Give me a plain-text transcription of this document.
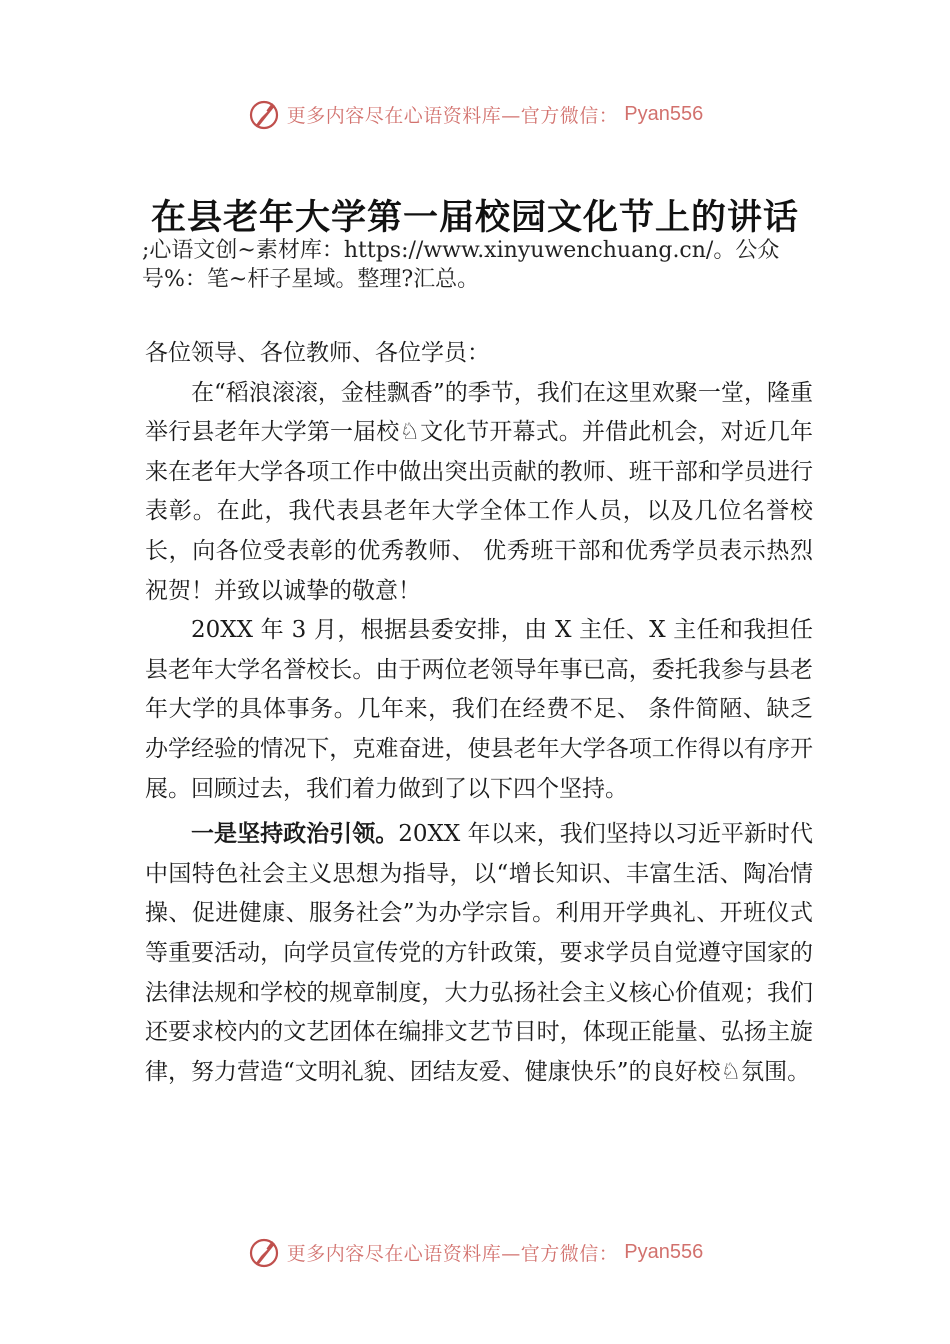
更多内容尽在心语资料库—官方微信： Pyan556
在县老年大学第一届校园文化节上的讲话

;心语文创~素材库：https://www.xinyuwenchuang.cn/。公众号%：笔~杆子星域。整理?汇总。

各位领导、各位教师、各位学员：

在“稻浪滚滚，金桂飘香”的季节，我们在这里欢聚一堂，隆重举行县老年大学第一届校♘文化节开幕式。并借此机会，对近几年来在老年大学各项工作中做出突出贡献的教师、班干部和学员进行表彰。在此，我代表县老年大学全体工作人员，以及几位名誉校长，向各位受表彰的优秀教师、 优秀班干部和优秀学员表示热烈祝贺！并致以诚挚的敬意！

20XX 年 3 月，根据县委安排，由 X 主任、X 主任和我担任县老年大学名誉校长。由于两位老领导年事已高，委托我参与县老年大学的具体事务。几年来，我们在经费不足、 条件简陋、缺乏办学经验的情况下，克难奋进，使县老年大学各项工作得以有序开展。回顾过去，我们着力做到了以下四个坚持。

一是坚持政治引领。20XX 年以来，我们坚持以习近平新时代中国特色社会主义思想为指导，以“增长知识、丰富生活、陶冶情操、促进健康、服务社会”为办学宗旨。利用开学典礼、开班仪式等重要活动，向学员宣传党的方针政策，要求学员自觉遵守国家的法律法规和学校的规章制度，大力弘扬社会主义核心价值观；我们还要求校内的文艺团体在编排文艺节目时，体现正能量、弘扬主旋律，努力营造“文明礼貌、团结友爱、健康快乐”的良好校♘氛围。

更多内容尽在心语资料库—官方微信： Pyan556
